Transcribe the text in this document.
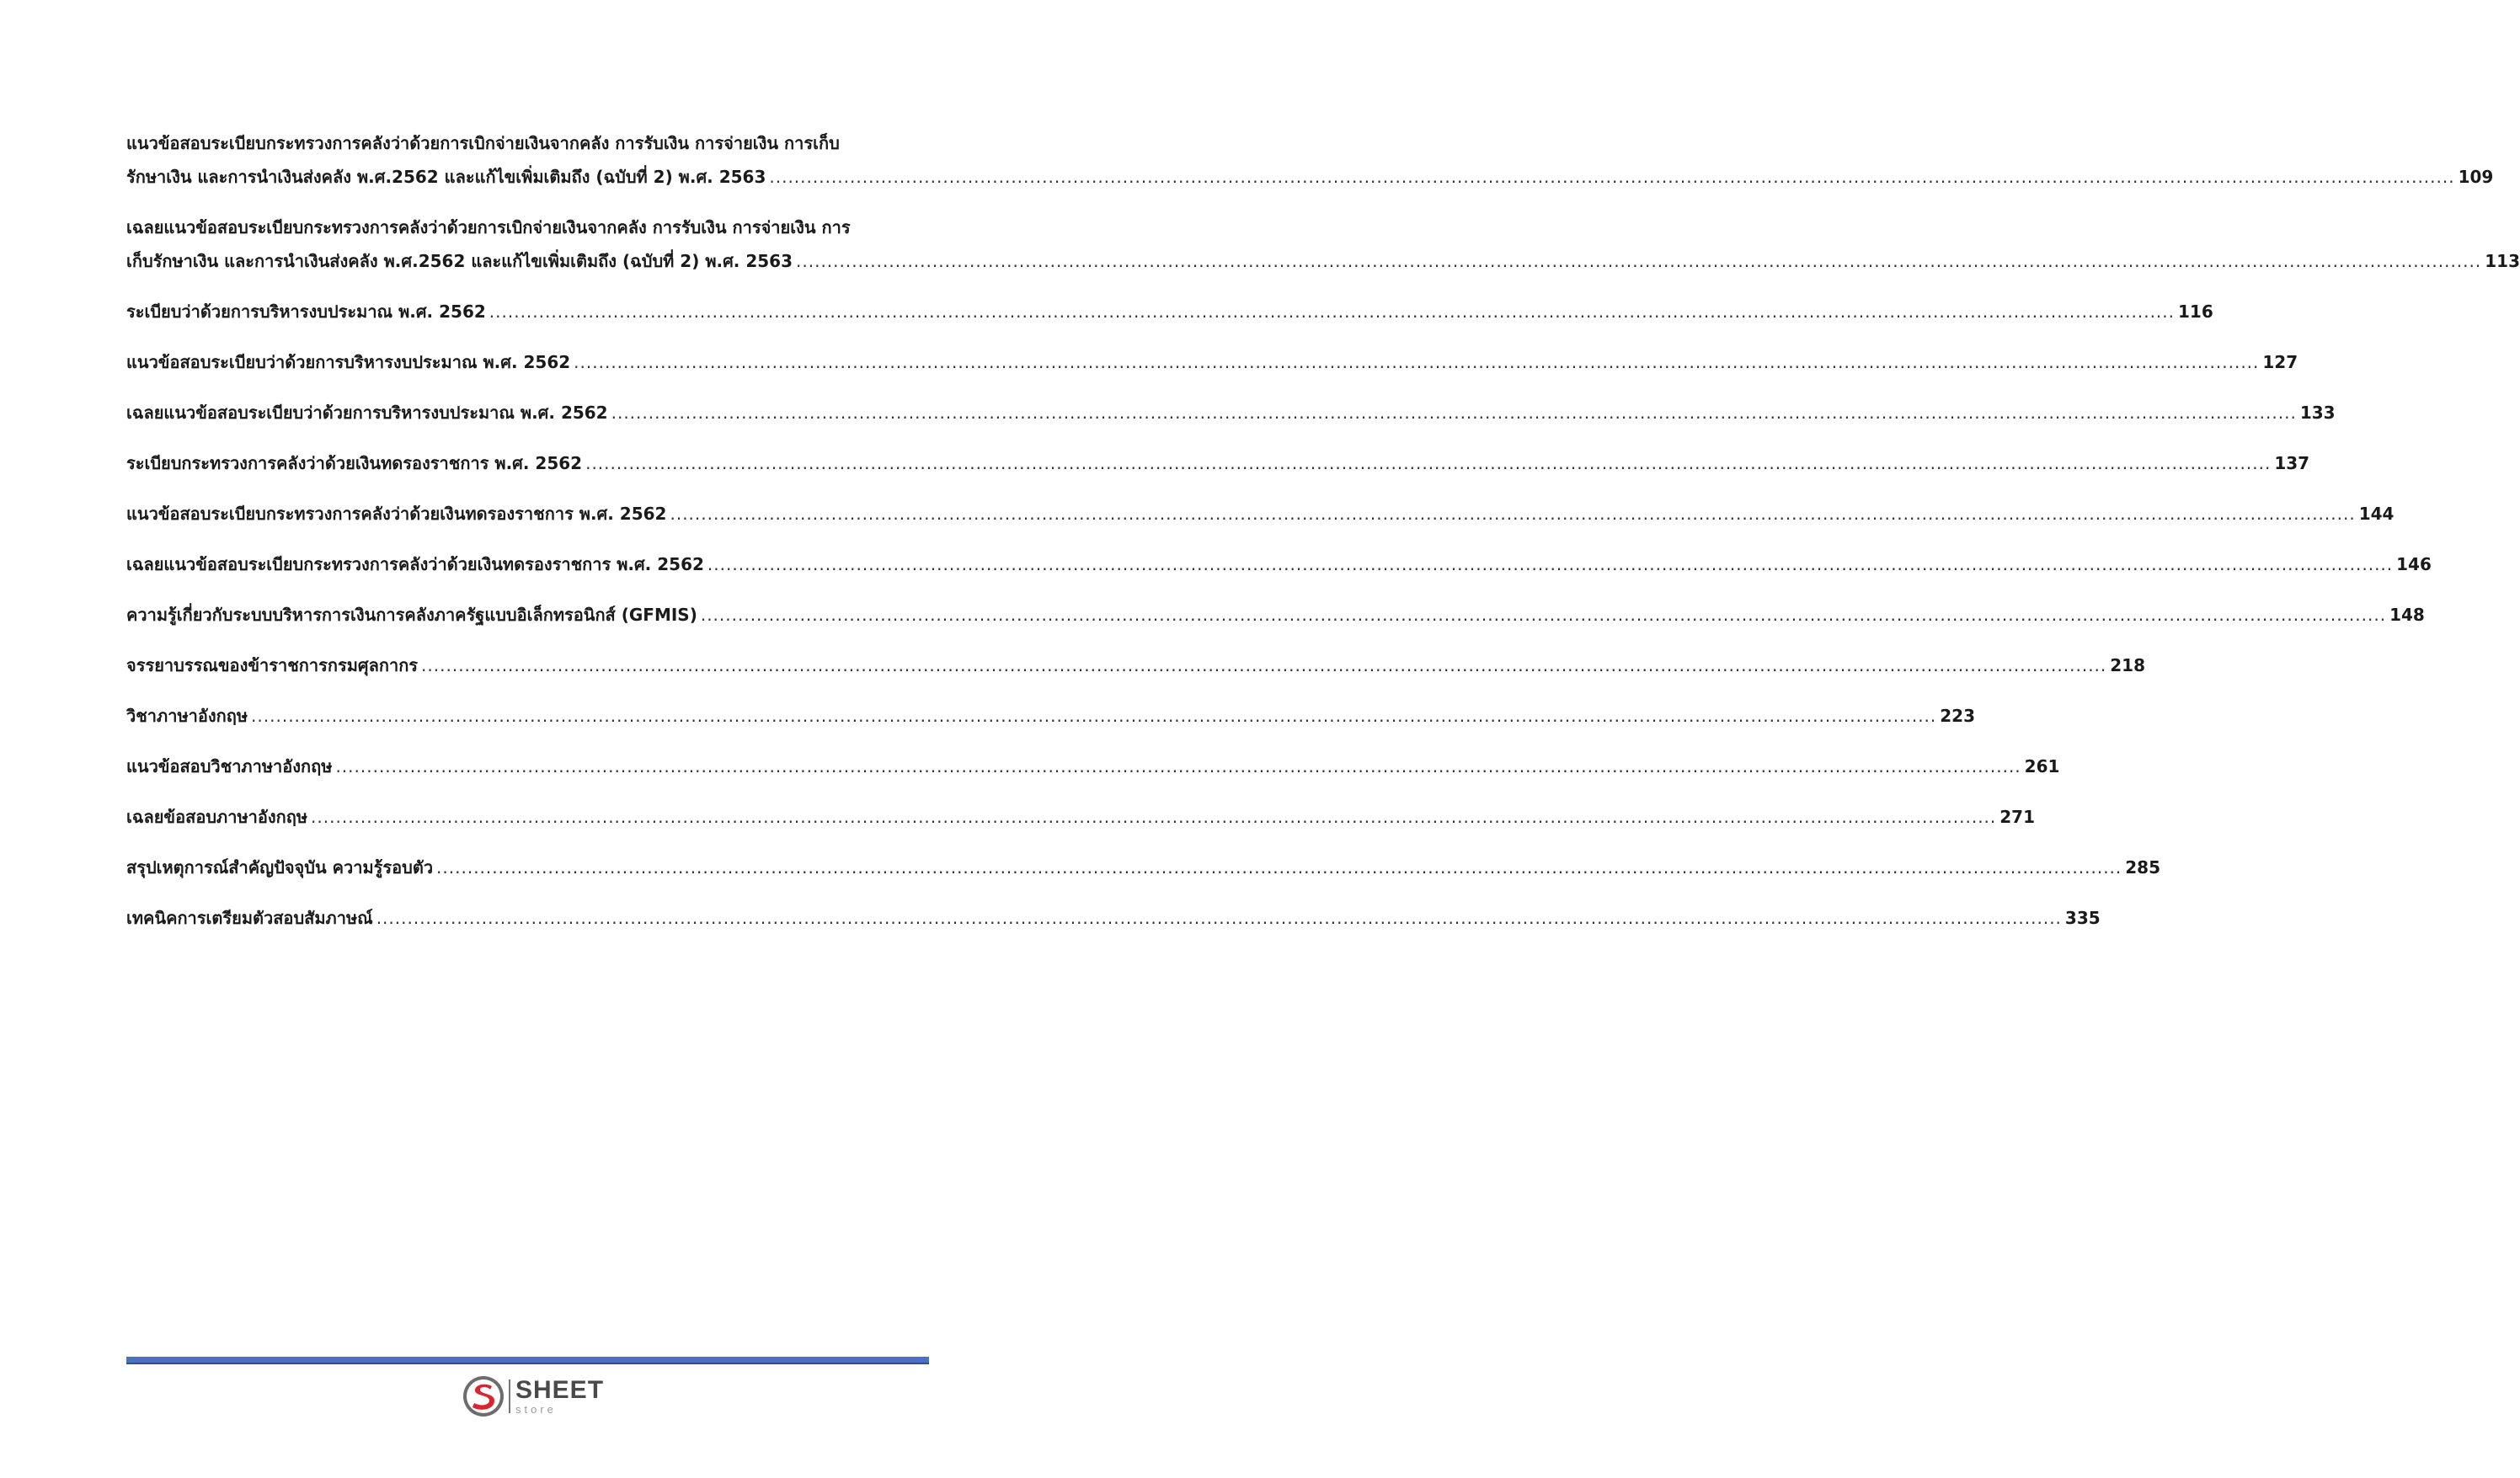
แนวข้อสอบระเบียบกระทรวงการคลังว่าด้วยการเบิกจ่ายเงินจากคลัง การรับเงิน การจ่ายเงิน การเก็บ
รักษาเงิน และการนำเงินส่งคลัง พ.ศ.2562 และแก้ไขเพิ่มเติมถึง (ฉบับที่ 2) พ.ศ. 2563 .....	109
เฉลยแนวข้อสอบระเบียบกระทรวงการคลังว่าด้วยการเบิกจ่ายเงินจากคลัง การรับเงิน การจ่ายเงิน การ
เก็บรักษาเงิน และการนำเงินส่งคลัง พ.ศ.2562 และแก้ไขเพิ่มเติมถึง (ฉบับที่ 2) พ.ศ. 2563 .....	113
ระเบียบว่าด้วยการบริหารงบประมาณ พ.ศ. 2562 .....	116
แนวข้อสอบระเบียบว่าด้วยการบริหารงบประมาณ พ.ศ. 2562 .....	127
เฉลยแนวข้อสอบระเบียบว่าด้วยการบริหารงบประมาณ พ.ศ. 2562 .....	133
ระเบียบกระทรวงการคลังว่าด้วยเงินทดรองราชการ พ.ศ. 2562 .....	137
แนวข้อสอบระเบียบกระทรวงการคลังว่าด้วยเงินทดรองราชการ พ.ศ. 2562 .....	144
เฉลยแนวข้อสอบระเบียบกระทรวงการคลังว่าด้วยเงินทดรองราชการ พ.ศ. 2562 .....	146
ความรู้เกี่ยวกับระบบบริหารการเงินการคลังภาครัฐแบบอิเล็กทรอนิกส์ (GFMIS) .....	148
จรรยาบรรณของข้าราชการกรมศุลกากร .....	218
วิชาภาษาอังกฤษ .....	223
แนวข้อสอบวิชาภาษาอังกฤษ .....	261
เฉลยข้อสอบภาษาอังกฤษ .....	271
สรุปเหตุการณ์สำคัญปัจจุบัน ความรู้รอบตัว .....	285
เทคนิคการเตรียมตัวสอบสัมภาษณ์ .....	335
SHEET
store
